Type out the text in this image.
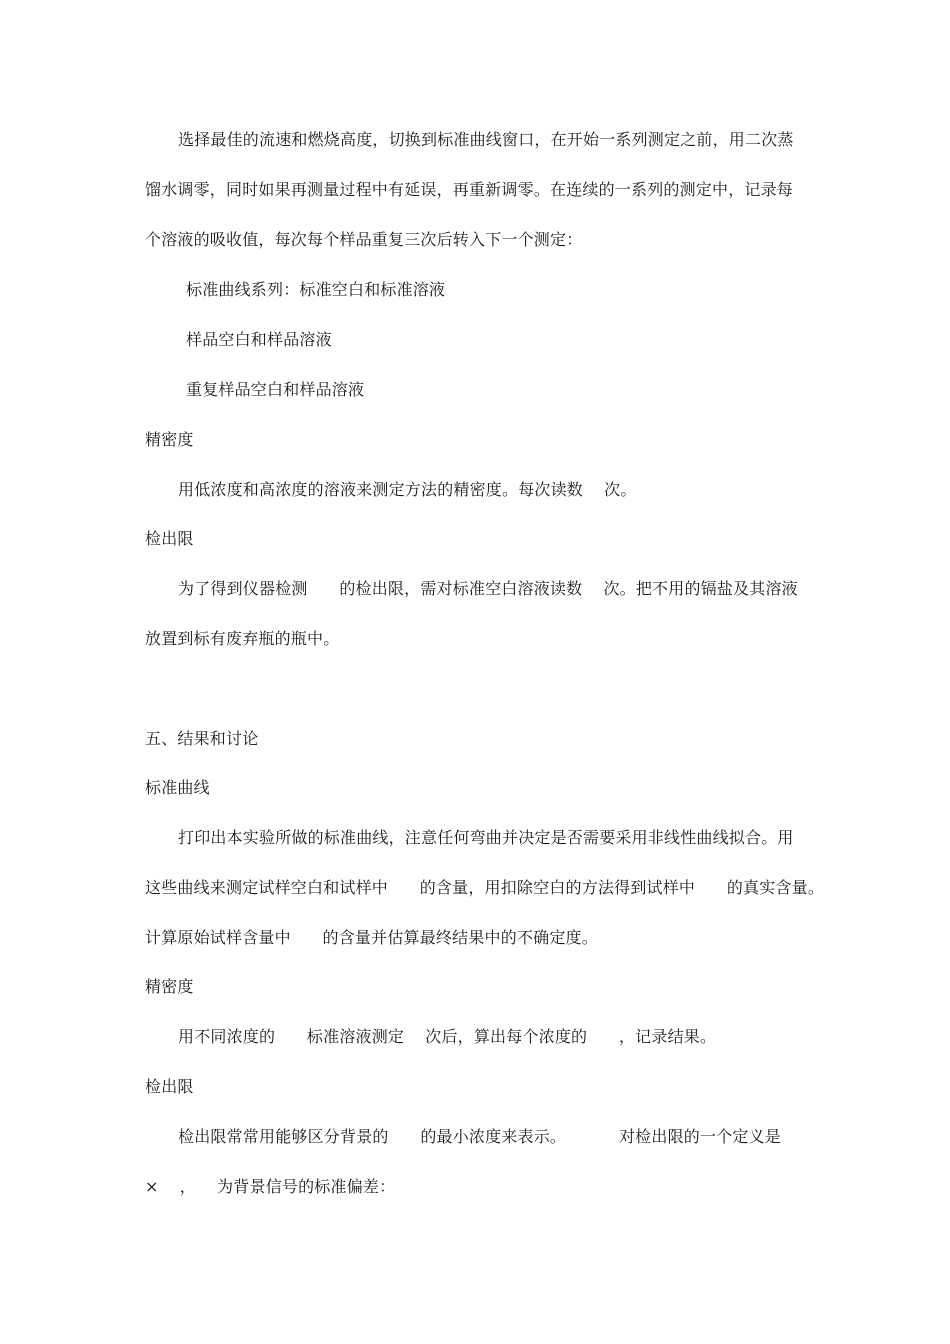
选择最佳的流速和燃烧高度，切换到标准曲线窗口，在开始一系列测定之前，用二次蒸
馏水调零，同时如果再测量过程中有延误，再重新调零。在连续的一系列的测定中，记录每
个溶液的吸收值，每次每个样品重复三次后转入下一个测定：
标准曲线系列：标准空白和标准溶液
样品空白和样品溶液
重复样品空白和样品溶液
精密度
用低浓度和高浓度的溶液来测定方法的精密度。每次读数    次。
检出限
为了得到仪器检测      的检出限，需对标准空白溶液读数    次。把不用的镉盐及其溶液
放置到标有废弃瓶的瓶中。
五、结果和讨论
标准曲线
打印出本实验所做的标准曲线，注意任何弯曲并决定是否需要采用非线性曲线拟合。用
这些曲线来测定试样空白和试样中      的含量，用扣除空白的方法得到试样中      的真实含量。
计算原始试样含量中      的含量并估算最终结果中的不确定度。
精密度
用不同浓度的      标准溶液测定    次后，算出每个浓度的      ，记录结果。
检出限
检出限常常用能够区分背景的      的最小浓度来表示。          对检出限的一个定义是
×    ，    为背景信号的标准偏差：
